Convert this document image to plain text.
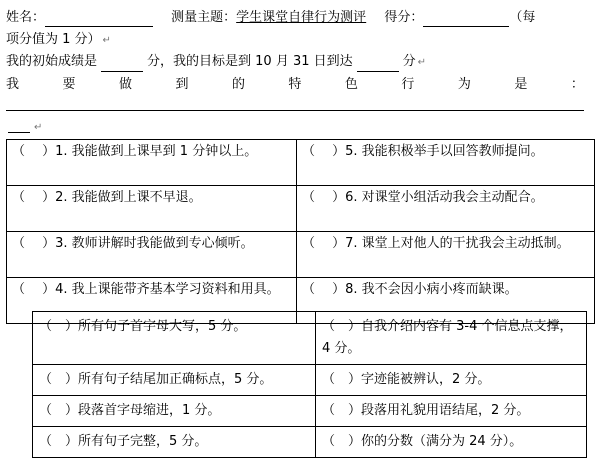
姓名：	测量主题：学生课堂自律行为测评 得分：	（每
项分值为 1 分） ↵
我的初始成绩是	分，我的目标是到 10 月 31 日到达	分 ↵
我	要	做	到	的	特	色	行	为	是	：
↵
（　 ）1. 我能做到上课早到 1 分钟以上。	（　 ）5. 我能积极举手以回答教师提问。
（　 ）2. 我能做到上课不早退。	（　 ）6. 对课堂小组活动我会主动配合。
（　 ）3. 教师讲解时我能做到专心倾听。	（　 ）7. 课堂上对他人的干扰我会主动抵制。
（　 ）4. 我上课能带齐基本学习资料和用具。	（　 ）8. 我不会因小病小疼而缺课。
（　）所有句子首字母大写，5 分。	（　）自我介绍内容有 3-4 个信息点支撑，4 分。
（　）所有句子结尾加正确标点，5 分。	（　）字迹能被辨认，2 分。
（　）段落首字母缩进，1 分。	（　）段落用礼貌用语结尾，2 分。
（　）所有句子完整，5 分。	（　）你的分数（满分为 24 分）。
